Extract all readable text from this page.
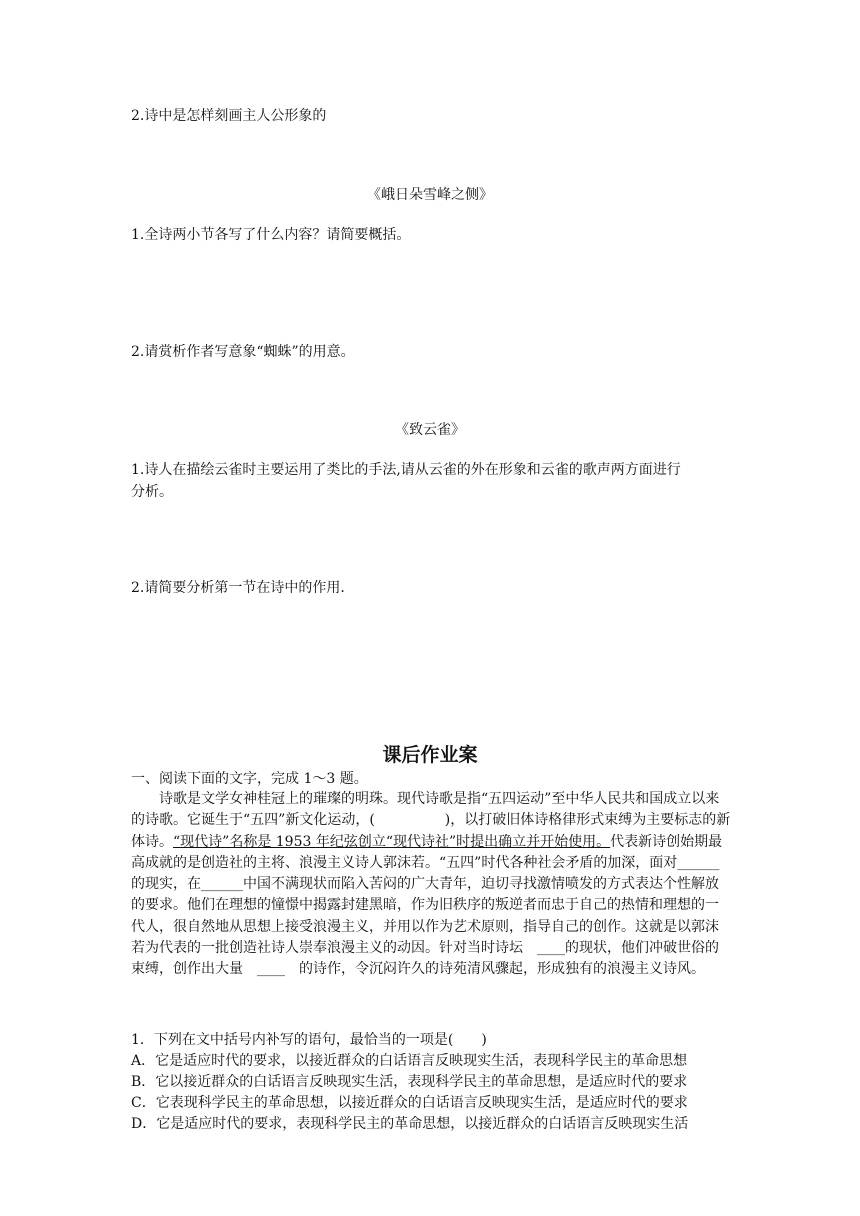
2.诗中是怎样刻画主人公形象的
《峨日朵雪峰之侧》
1.全诗两小节各写了什么内容？请简要概括。
2.请赏析作者写意象“蜘蛛”的用意。
《致云雀》
1.诗人在描绘云雀时主要运用了类比的手法,请从云雀的外在形象和云雀的歌声两方面进行
分析。
2.请简要分析第一节在诗中的作用.
课后作业案
一、阅读下面的文字，完成 1～3 题。
诗歌是文学女神桂冠上的璀璨的明珠。现代诗歌是指“五四运动”至中华人民共和国成立以来的诗歌。它诞生于“五四”新文化运动，(	)，以打破旧体诗格律形式束缚为主要标志的新体诗。“现代诗”名称是 1953 年纪弦创立“现代诗社”时提出确立并开始使用。代表新诗创始期最高成就的是创造社的主将、浪漫主义诗人郭沫若。“五四”时代各种社会矛盾的加深，面对______的现实，在______中国不满现状而陷入苦闷的广大青年，迫切寻找激情喷发的方式表达个性解放的要求。他们在理想的憧憬中揭露封建黑暗，作为旧秩序的叛逆者而忠于自己的热情和理想的一代人，很自然地从思想上接受浪漫主义，并用以作为艺术原则，指导自己的创作。这就是以郭沫若为代表的一批创造社诗人崇奉浪漫主义的动因。针对当时诗坛  ____的现状，他们冲破世俗的束缚，创作出大量  ____  的诗作，令沉闷许久的诗苑清风骤起，形成独有的浪漫主义诗风。
1．下列在文中括号内补写的语句，最恰当的一项是(　　)
A．它是适应时代的要求，以接近群众的白话语言反映现实生活，表现科学民主的革命思想
B．它以接近群众的白话语言反映现实生活，表现科学民主的革命思想，是适应时代的要求
C．它表现科学民主的革命思想，以接近群众的白话语言反映现实生活，是适应时代的要求
D．它是适应时代的要求，表现科学民主的革命思想，以接近群众的白话语言反映现实生活
